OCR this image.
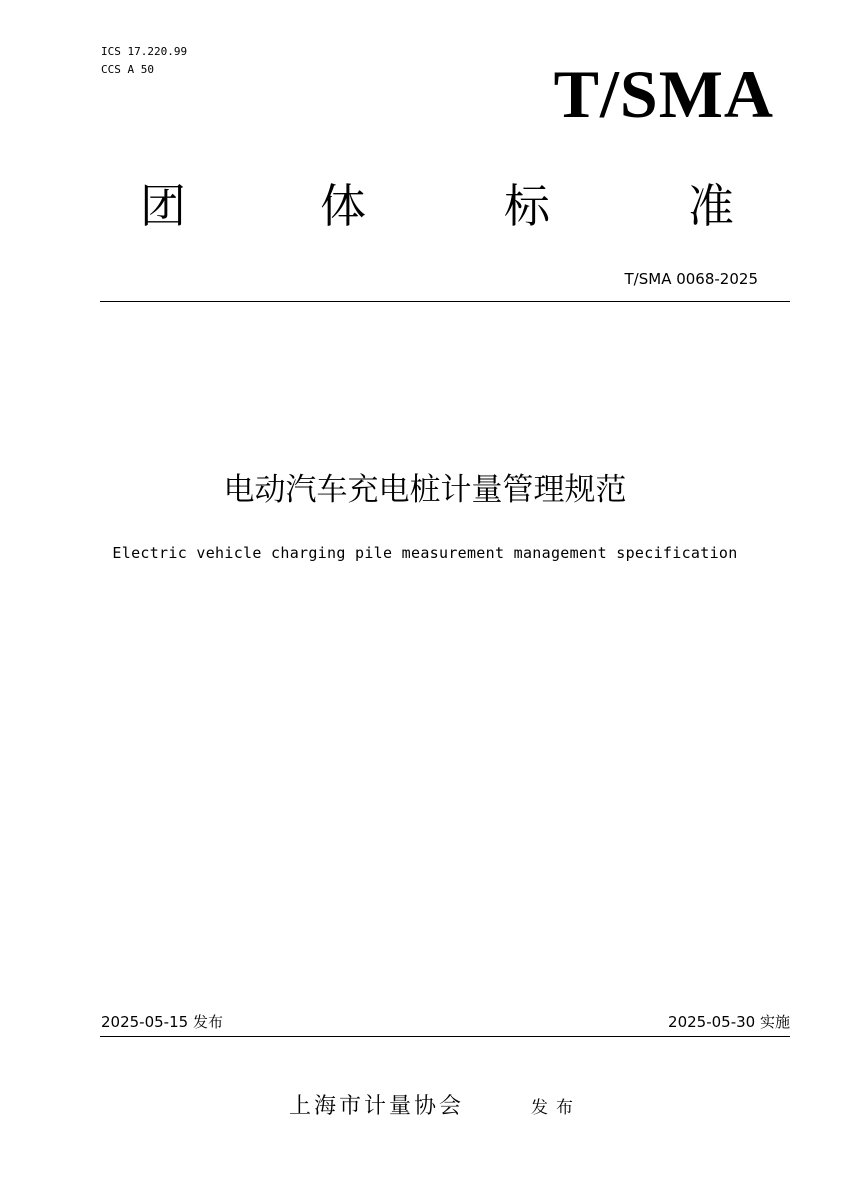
ICS 17.220.99
CCS A 50	T/SMA
团	体	标	准
T/SMA 0068-2025
电动汽车充电桩计量管理规范
Electric vehicle charging pile measurement management specification
2025-05-15 发布	2025-05-30 实施
上海市计量协会	发布
